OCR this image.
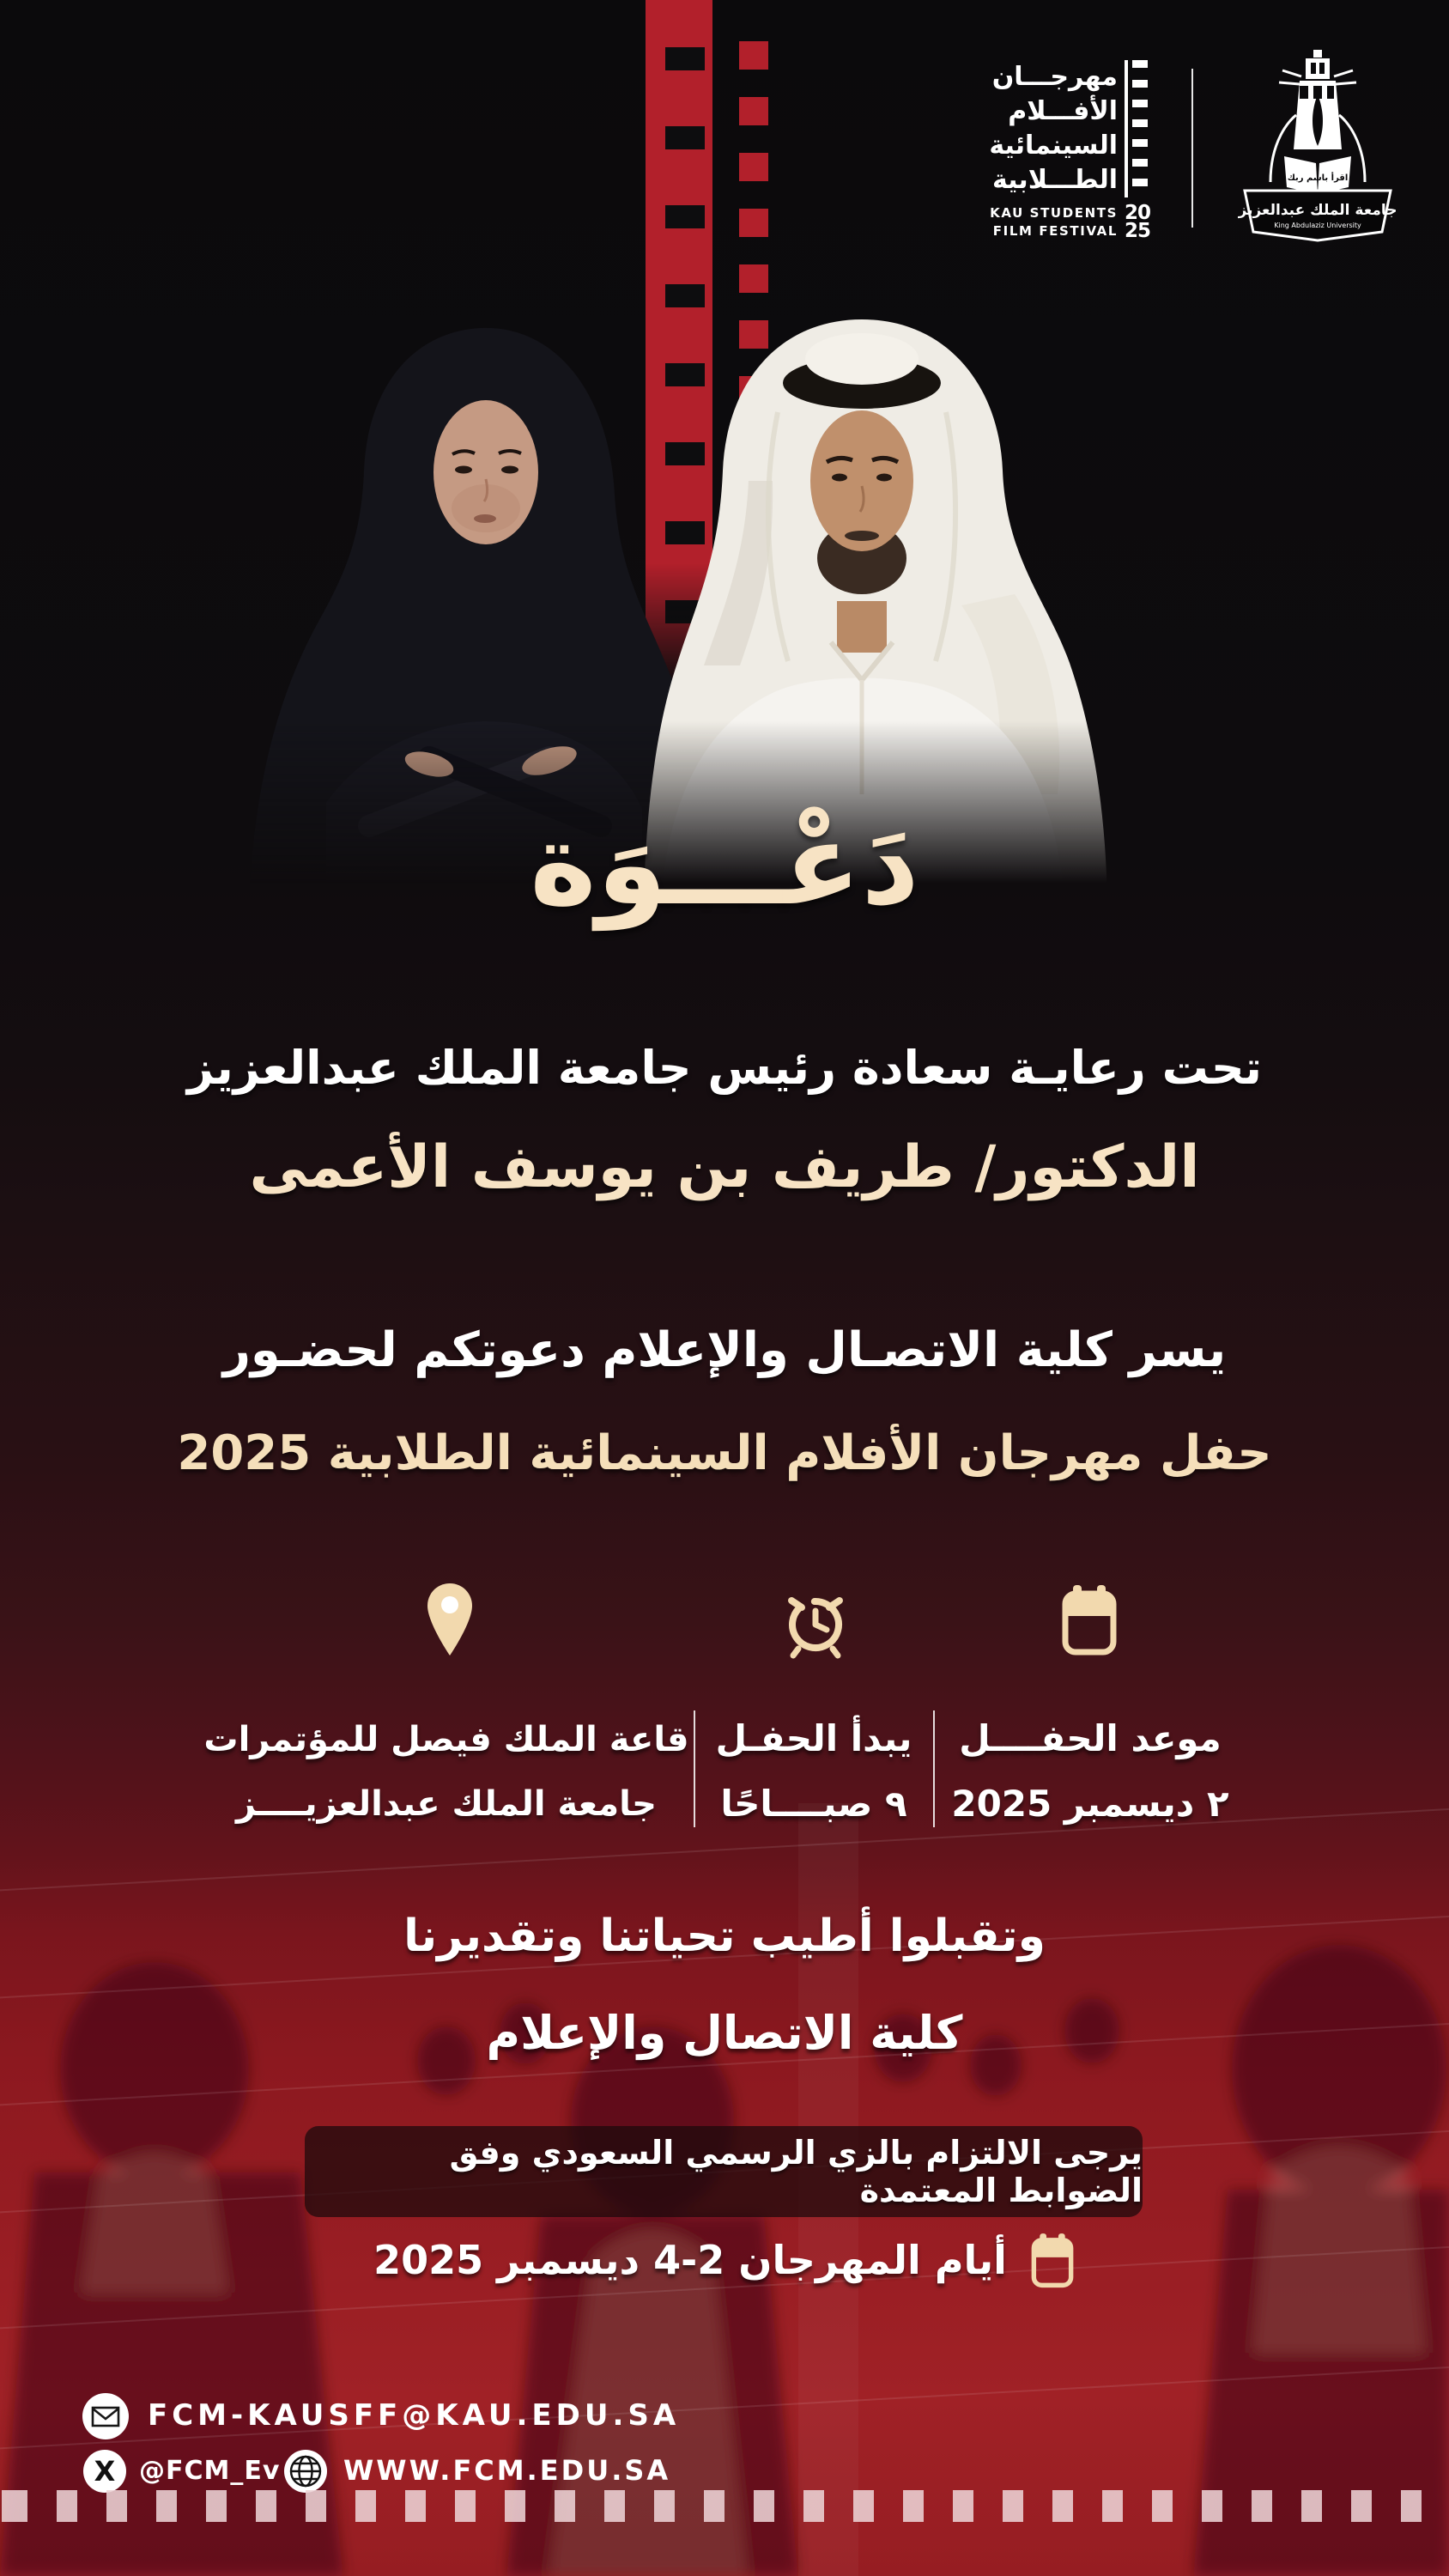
مهرجـــان
الأفـــلام
السينمائية
الطـــلابية
KAU STUDENTS
FILM FESTIVAL
20
25
اقرأ باسم ربك
جامعة الملك عبدالعزيز
King Abdulaziz University
دَعْـــوَة
تحت رعايـة سعادة رئيس جامعة الملك عبدالعزيز
الدكتور/ طريف بن يوسف الأعمى
يسر كلية الاتصـال والإعلام دعوتكم لحضـور
حفل مهرجان الأفلام السينمائية الطلابية 2025
موعد الحفــــل
٢ ديسمبر 2025
يبدأ الحفـل
٩ صبــــاحًا
قاعة الملك فيصل للمؤتمرات
جامعة الملك عبدالعزيــــز
وتقبلوا أطيب تحياتنا وتقديرنا
كلية الاتصال والإعلام
يرجى الالتزام بالزي الرسمي السعودي وفق الضوابط المعتمدة
أيام المهرجان 2-4 ديسمبر 2025
FCM-KAUSFF@KAU.EDU.SA
X @FCM_Ev WWW.FCM.EDU.SA
